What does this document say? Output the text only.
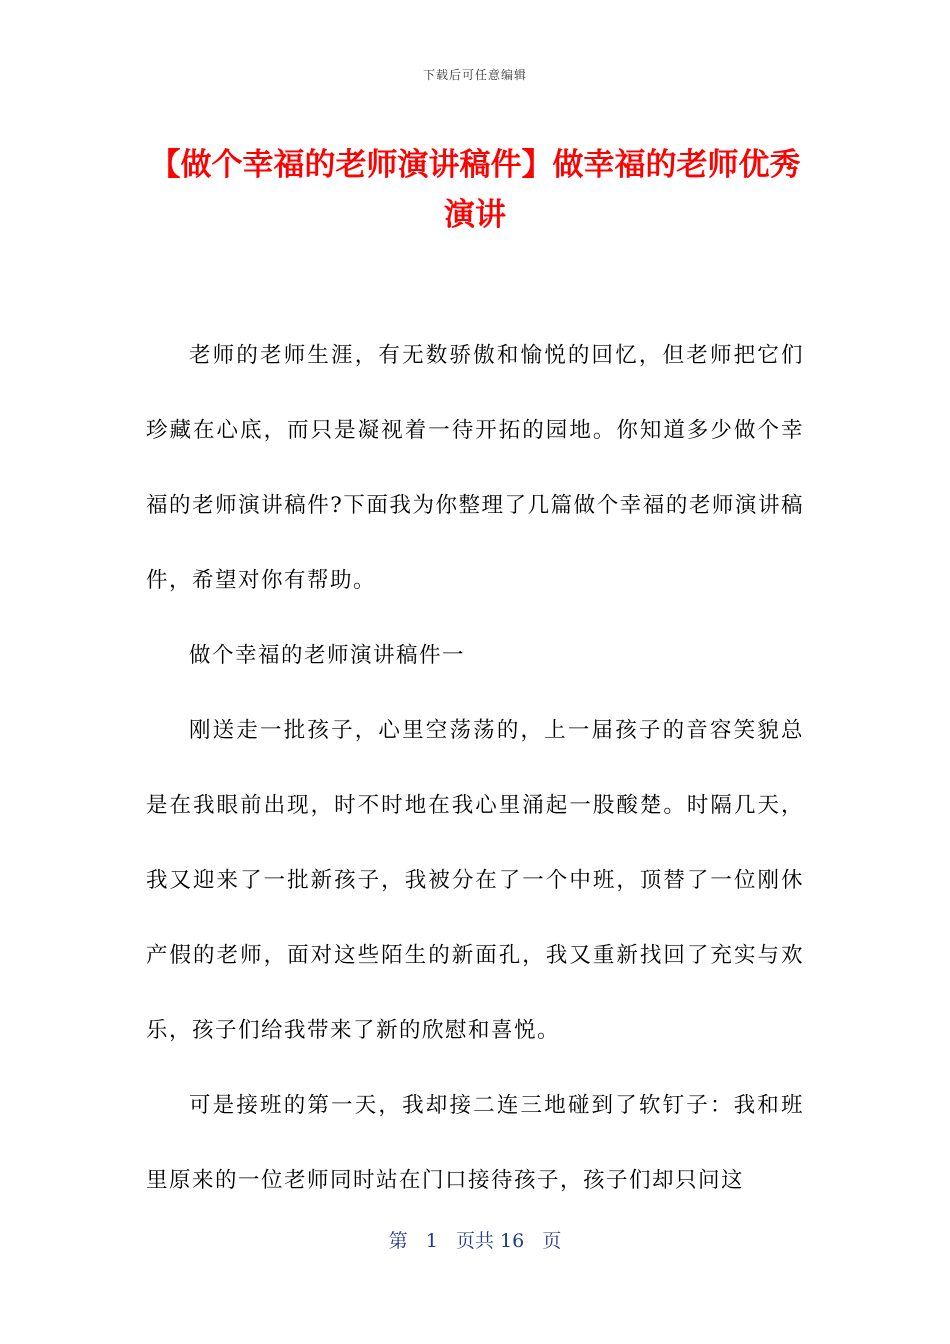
下载后可任意编辑
【做个幸福的老师演讲稿件】做幸福的老师优秀演讲

老师的老师生涯，有无数骄傲和愉悦的回忆，但老师把它们珍藏在心底，而只是凝视着一待开拓的园地。你知道多少做个幸福的老师演讲稿件?下面我为你整理了几篇做个幸福的老师演讲稿件，希望对你有帮助。

做个幸福的老师演讲稿件一

刚送走一批孩子，心里空荡荡的，上一届孩子的音容笑貌总是在我眼前出现，时不时地在我心里涌起一股酸楚。时隔几天，我又迎来了一批新孩子，我被分在了一个中班，顶替了一位刚休产假的老师，面对这些陌生的新面孔，我又重新找回了充实与欢乐，孩子们给我带来了新的欣慰和喜悦。

可是接班的第一天，我却接二连三地碰到了软钉子：我和班里原来的一位老师同时站在门口接待孩子，孩子们却只问这

第 1 页共 16 页
